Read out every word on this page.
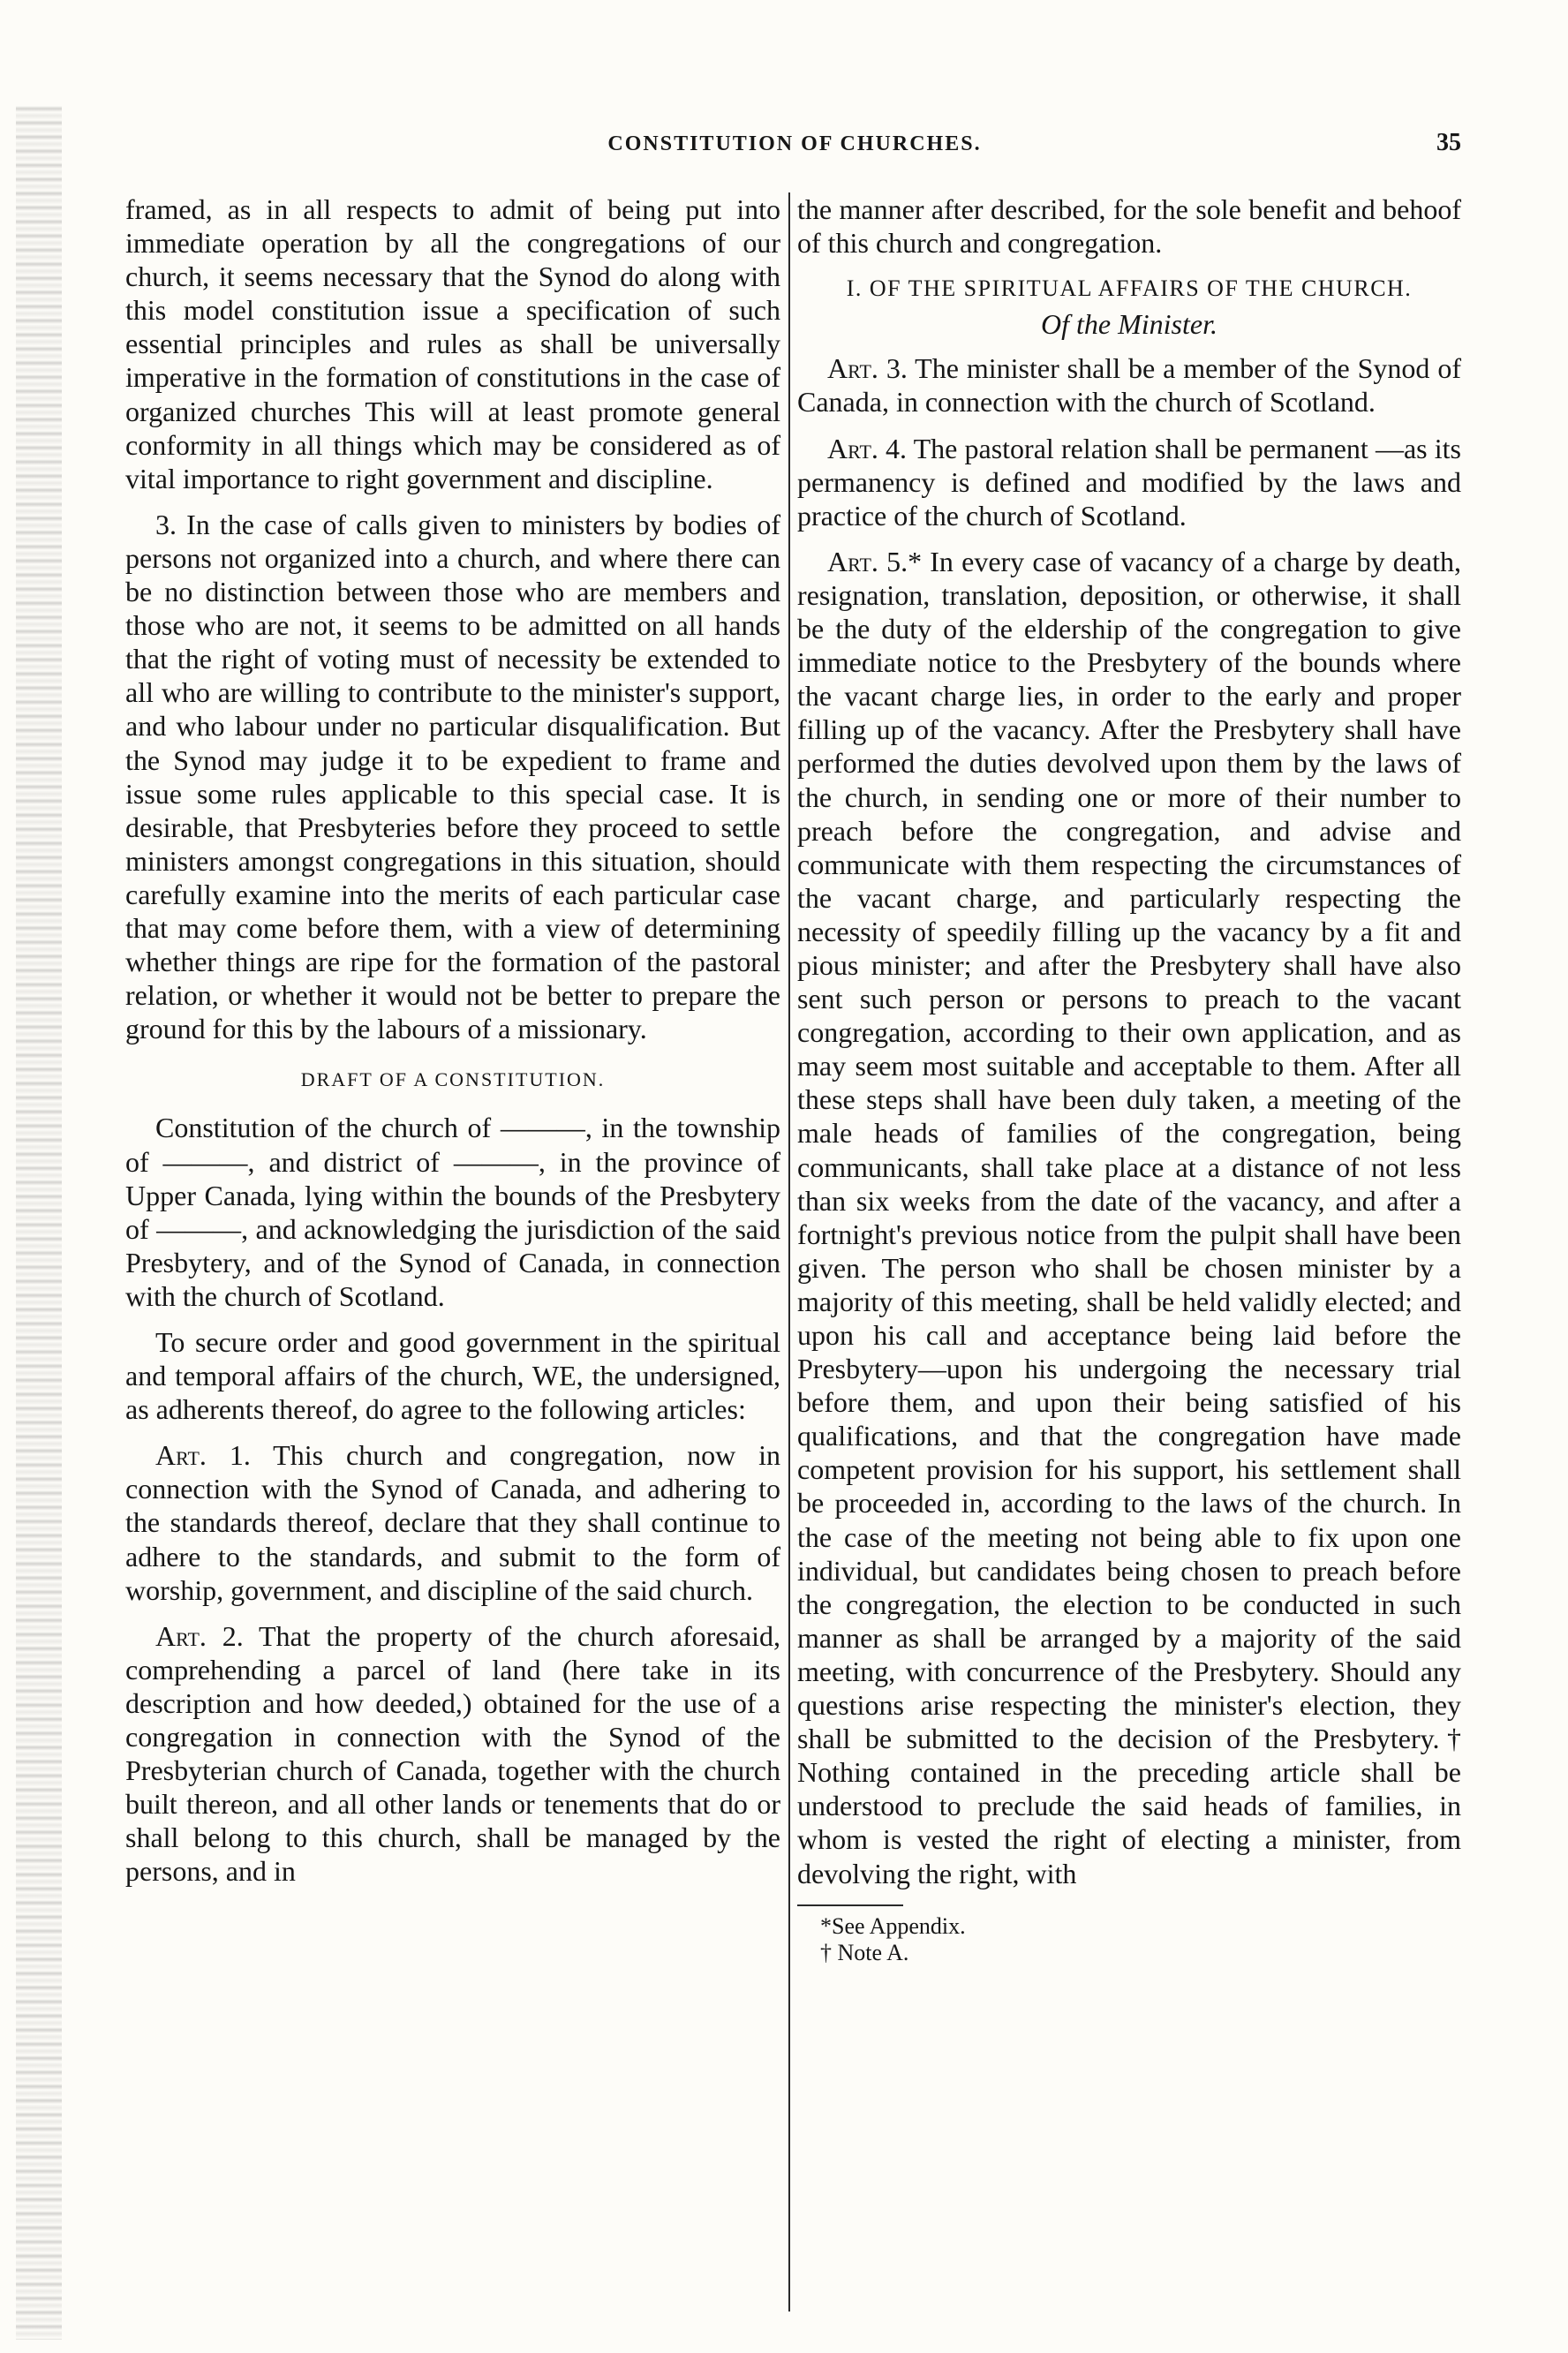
CONSTITUTION OF CHURCHES.	35

framed, as in all respects to admit of being put into immediate operation by all the congregations of our church, it seems necessary that the Synod do along with this model constitution issue a specification of such essential principles and rules as shall be universally imperative in the formation of constitutions in the case of organized churches This will at least promote general conformity in all things which may be considered as of vital importance to right government and discipline.

3. In the case of calls given to ministers by bodies of persons not organized into a church, and where there can be no distinction between those who are members and those who are not, it seems to be admitted on all hands that the right of voting must of necessity be extended to all who are willing to contribute to the minister's support, and who labour under no particular disqualification. But the Synod may judge it to be expedient to frame and issue some rules applicable to this special case. It is desirable, that Presbyteries before they proceed to settle ministers amongst congregations in this situation, should carefully examine into the merits of each particular case that may come before them, with a view of determining whether things are ripe for the formation of the pastoral relation, or whether it would not be better to prepare the ground for this by the labours of a missionary.

DRAFT OF A CONSTITUTION.

Constitution of the church of ———, in the township of ———, and district of ———, in the province of Upper Canada, lying within the bounds of the Presbytery of ———, and acknowledging the jurisdiction of the said Presbytery, and of the Synod of Canada, in connection with the church of Scotland.

To secure order and good government in the spiritual and temporal affairs of the church, WE, the undersigned, as adherents thereof, do agree to the following articles:

Art. 1. This church and congregation, now in connection with the Synod of Canada, and adhering to the standards thereof, declare that they shall continue to adhere to the standards, and submit to the form of worship, government, and discipline of the said church.

Art. 2. That the property of the church aforesaid, comprehending a parcel of land (here take in its description and how deeded,) obtained for the use of a congregation in connection with the Synod of the Presbyterian church of Canada, together with the church built thereon, and all other lands or tenements that do or shall belong to this church, shall be managed by the persons, and in

the manner after described, for the sole benefit and behoof of this church and congregation.

I. OF THE SPIRITUAL AFFAIRS OF THE CHURCH.
Of the Minister.

Art. 3. The minister shall be a member of the Synod of Canada, in connection with the church of Scotland.

Art. 4. The pastoral relation shall be permanent —as its permanency is defined and modified by the laws and practice of the church of Scotland.

Art. 5.* In every case of vacancy of a charge by death, resignation, translation, deposition, or otherwise, it shall be the duty of the eldership of the congregation to give immediate notice to the Presbytery of the bounds where the vacant charge lies, in order to the early and proper filling up of the vacancy. After the Presbytery shall have performed the duties devolved upon them by the laws of the church, in sending one or more of their number to preach before the congregation, and advise and communicate with them respecting the circumstances of the vacant charge, and particularly respecting the necessity of speedily filling up the vacancy by a fit and pious minister; and after the Presbytery shall have also sent such person or persons to preach to the vacant congregation, according to their own application, and as may seem most suitable and acceptable to them. After all these steps shall have been duly taken, a meeting of the male heads of families of the congregation, being communicants, shall take place at a distance of not less than six weeks from the date of the vacancy, and after a fortnight's previous notice from the pulpit shall have been given. The person who shall be chosen minister by a majority of this meeting, shall be held validly elected; and upon his call and acceptance being laid before the Presbytery—upon his undergoing the necessary trial before them, and upon their being satisfied of his qualifications, and that the congregation have made competent provision for his support, his settlement shall be proceeded in, according to the laws of the church. In the case of the meeting not being able to fix upon one individual, but candidates being chosen to preach before the congregation, the election to be conducted in such manner as shall be arranged by a majority of the said meeting, with concurrence of the Presbytery. Should any questions arise respecting the minister's election, they shall be submitted to the decision of the Presbytery.† Nothing contained in the preceding article shall be understood to preclude the said heads of families, in whom is vested the right of electing a minister, from devolving the right, with

*See Appendix.
† Note A.
